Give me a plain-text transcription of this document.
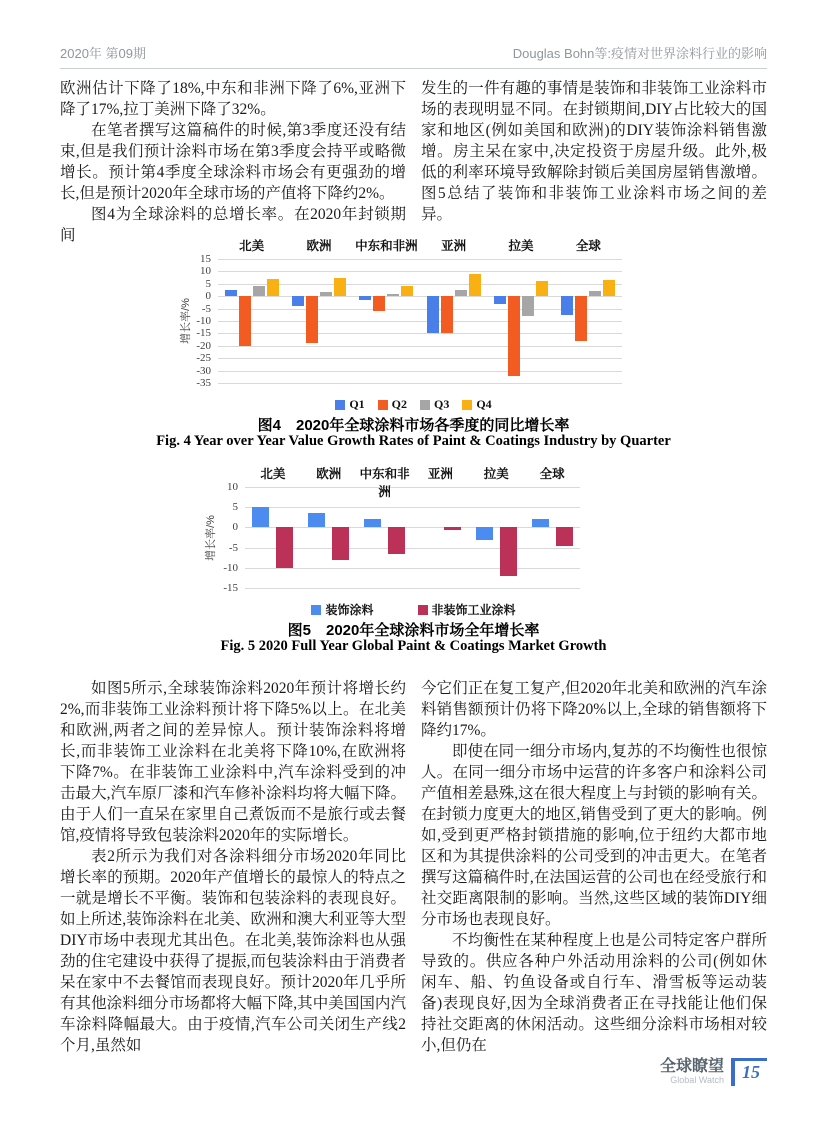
2020年 第09期	Douglas Bohn等:疫情对世界涂料行业的影响

欧洲估计下降了18%,中东和非洲下降了6%,亚洲下降了17%,拉丁美洲下降了32%。

在笔者撰写这篇稿件的时候,第3季度还没有结束,但是我们预计涂料市场在第3季度会持平或略微增长。预计第4季度全球涂料市场会有更强劲的增长,但是预计2020年全球市场的产值将下降约2%。

图4为全球涂料的总增长率。在2020年封锁期间

发生的一件有趣的事情是装饰和非装饰工业涂料市场的表现明显不同。在封锁期间,DIY占比较大的国家和地区(例如美国和欧洲)的DIY装饰涂料销售激增。房主呆在家中,决定投资于房屋升级。此外,极低的利率环境导致解除封锁后美国房屋销售激增。图5总结了装饰和非装饰工业涂料市场之间的差异。

15
10
5
0
-5
-10
-15
-20
-25
-30
-35
增长率/%
北美	欧洲	中东和非洲	亚洲	拉美	全球
Q1 Q2 Q3 Q4
图4　2020年全球涂料市场各季度的同比增长率
Fig. 4 Year over Year Value Growth Rates of Paint & Coatings Industry by Quarter
10
5
0
-5
-10
-15
增长率/%
北美	欧洲	中东和非洲
亚洲	拉美	全球
装饰涂料	非装饰工业涂料
图5　2020年全球涂料市场全年增长率
Fig. 5 2020 Full Year Global Paint & Coatings Market Growth

如图5所示,全球装饰涂料2020年预计将增长约2%,而非装饰工业涂料预计将下降5%以上。在北美和欧洲,两者之间的差异惊人。预计装饰涂料将增长,而非装饰工业涂料在北美将下降10%,在欧洲将下降7%。在非装饰工业涂料中,汽车涂料受到的冲击最大,汽车原厂漆和汽车修补涂料均将大幅下降。由于人们一直呆在家里自己煮饭而不是旅行或去餐馆,疫情将导致包装涂料2020年的实际增长。

表2所示为我们对各涂料细分市场2020年同比增长率的预期。2020年产值增长的最惊人的特点之一就是增长不平衡。装饰和包装涂料的表现良好。如上所述,装饰涂料在北美、欧洲和澳大利亚等大型DIY市场中表现尤其出色。在北美,装饰涂料也从强劲的住宅建设中获得了提振,而包装涂料由于消费者呆在家中不去餐馆而表现良好。预计2020年几乎所有其他涂料细分市场都将大幅下降,其中美国国内汽车涂料降幅最大。由于疫情,汽车公司关闭生产线2个月,虽然如

今它们正在复工复产,但2020年北美和欧洲的汽车涂料销售额预计仍将下降20%以上,全球的销售额将下降约17%。

即使在同一细分市场内,复苏的不均衡性也很惊人。在同一细分市场中运营的许多客户和涂料公司产值相差悬殊,这在很大程度上与封锁的影响有关。在封锁力度更大的地区,销售受到了更大的影响。例如,受到更严格封锁措施的影响,位于纽约大都市地区和为其提供涂料的公司受到的冲击更大。在笔者撰写这篇稿件时,在法国运营的公司也在经受旅行和社交距离限制的影响。当然,这些区域的装饰DIY细分市场也表现良好。

不均衡性在某种程度上也是公司特定客户群所导致的。供应各种户外活动用涂料的公司(例如休闲车、船、钓鱼设备或自行车、滑雪板等运动装备)表现良好,因为全球消费者正在寻找能让他们保持社交距离的休闲活动。这些细分涂料市场相对较小,但仍在

全球瞭望
Global Watch	15
